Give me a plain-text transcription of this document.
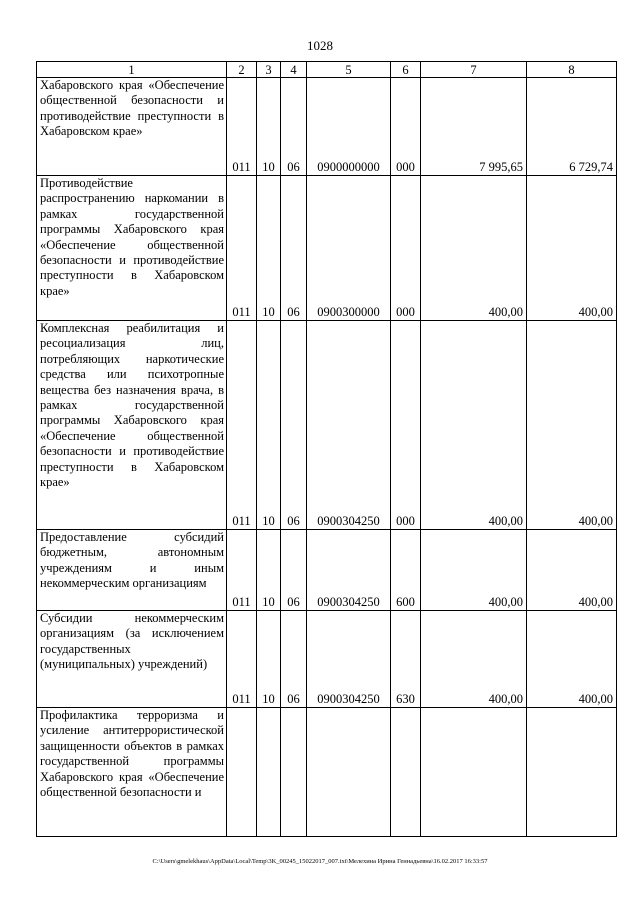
1028
1	2	3	4	5	6	7	8
Хабаровского края «Обеспечение общественной безопасности и противодействие преступности в Хабаровском крае»	011	10	06	0900000000	000	7 995,65	6 729,74
Противодействие распространению наркомании в рамках государственной программы Хабаровского края «Обеспечение общественной безопасности и противодействие преступности в Хабаровском крае»	011	10	06	0900300000	000	400,00	400,00
Комплексная реабилитация и ресоциализация лиц, потребляющих наркотические средства или психотропные вещества без назначения врача, в рамках государственной программы Хабаровского края «Обеспечение общественной безопасности и противодействие преступности в Хабаровском крае»	011	10	06	0900304250	000	400,00	400,00
Предоставление субсидий бюджетным, автономным учреждениям и иным некоммерческим организациям	011	10	06	0900304250	600	400,00	400,00
Субсидии некоммерческим организациям (за исключением государственных (муниципальных) учреждений)	011	10	06	0900304250	630	400,00	400,00
Профилактика терроризма и усиление антитеррористической защищенности объектов в рамках государственной программы Хабаровского края «Обеспечение общественной безопасности и							
C:\Users\gmelekhaus\AppData\Local\Temp\3K_00245_15022017_007.txt\Мелехина Ирина Геннадьевна\16.02.2017 16:33:57
